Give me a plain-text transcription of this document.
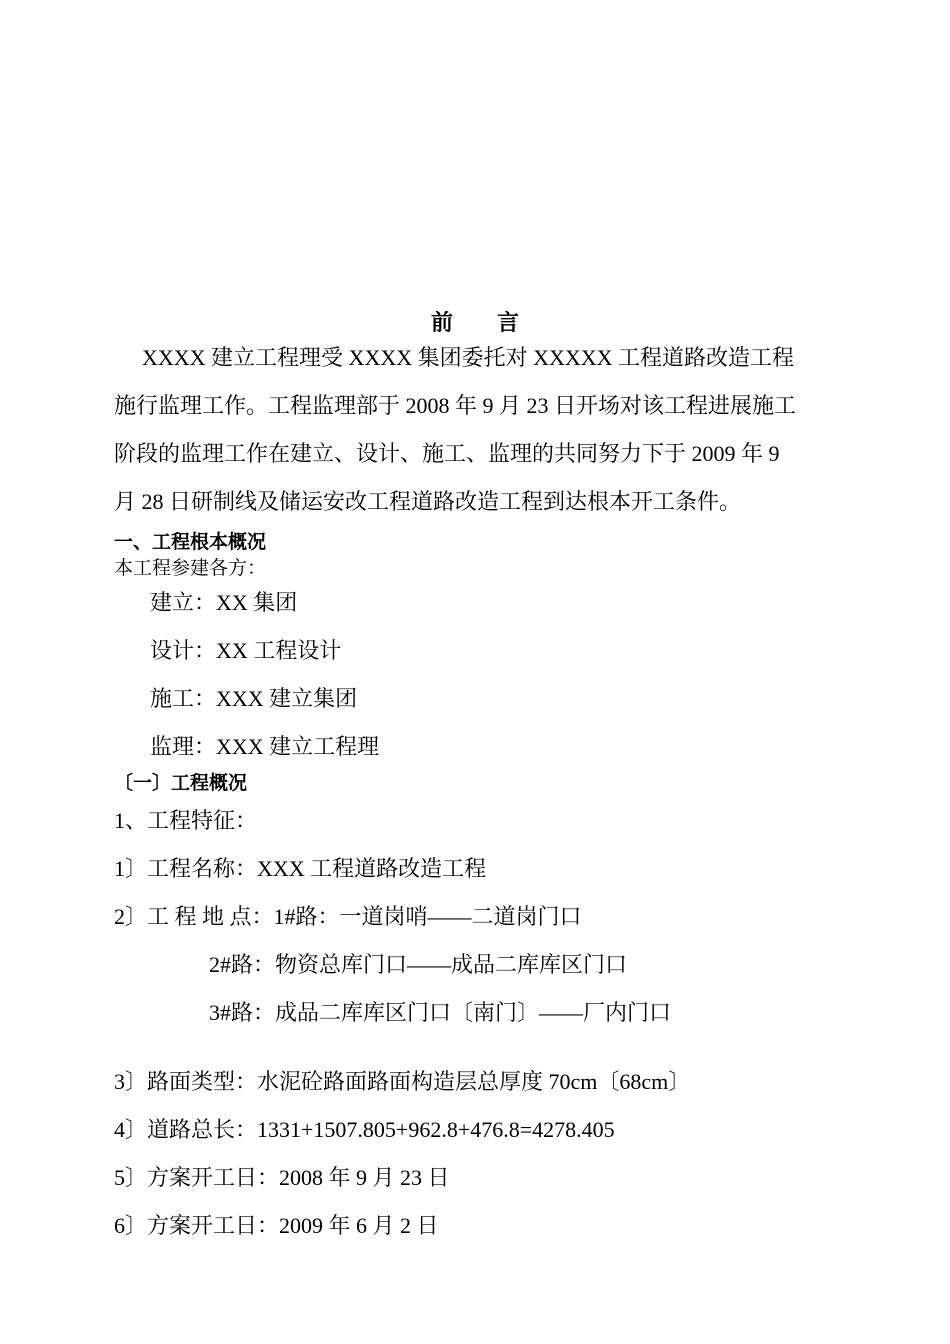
前 言

XXXX 建立工程理受 XXXX 集团委托对 XXXXX 工程道路改造工程

施行监理工作。工程监理部于 2008 年 9 月 23 日开场对该工程进展施工

阶段的监理工作在建立、设计、施工、监理的共同努力下于 2009 年 9

月 28 日研制线及储运安改工程道路改造工程到达根本开工条件。

一、工程根本概况
本工程参建各方：
建立：XX 集团
设计：XX 工程设计
施工：XXX 建立集团
监理：XXX 建立工程理
〔一〕工程概况
1、工程特征：
1〕工程名称：XXX 工程道路改造工程
2〕工 程 地 点：1#路：一道岗哨——二道岗门口
2#路：物资总库门口——成品二库库区门口
3#路：成品二库库区门口〔南门〕——厂内门口
3〕路面类型：水泥砼路面路面构造层总厚度 70cm〔68cm〕
4〕道路总长：1331+1507.805+962.8+476.8=4278.405
5〕方案开工日：2008 年 9 月 23 日
6〕方案开工日：2009 年 6 月 2 日
